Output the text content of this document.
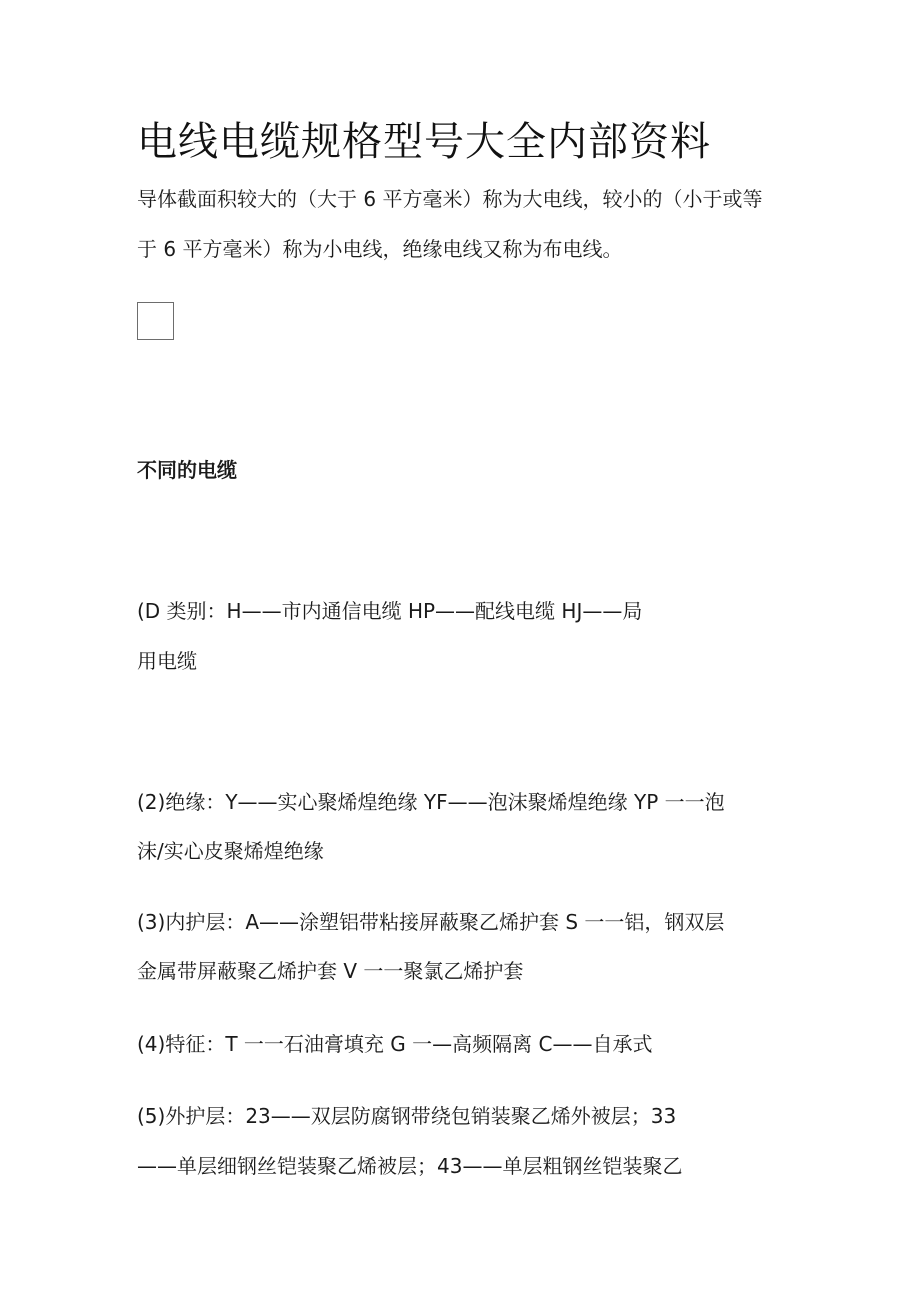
电线电缆规格型号大全内部资料
导体截面积较大的（大于 6 平方毫米）称为大电线，较小的（小于或等
于 6 平方毫米）称为小电线，绝缘电线又称为布电线。
不同的电缆
(D 类别：H——市内通信电缆 HP——配线电缆 HJ——局
用电缆
(2)绝缘：Y——实心聚烯煌绝缘 YF——泡沫聚烯煌绝缘 YP 一一泡
沫/实心皮聚烯煌绝缘
(3)内护层：A——涂塑铝带粘接屏蔽聚乙烯护套 S 一一铝，钢双层
金属带屏蔽聚乙烯护套 V 一一聚氯乙烯护套
(4)特征：T 一一石油膏填充 G 一—高频隔离 C——自承式
(5)外护层：23——双层防腐钢带绕包销装聚乙烯外被层；33
——单层细钢丝铠装聚乙烯被层；43——单层粗钢丝铠装聚乙
